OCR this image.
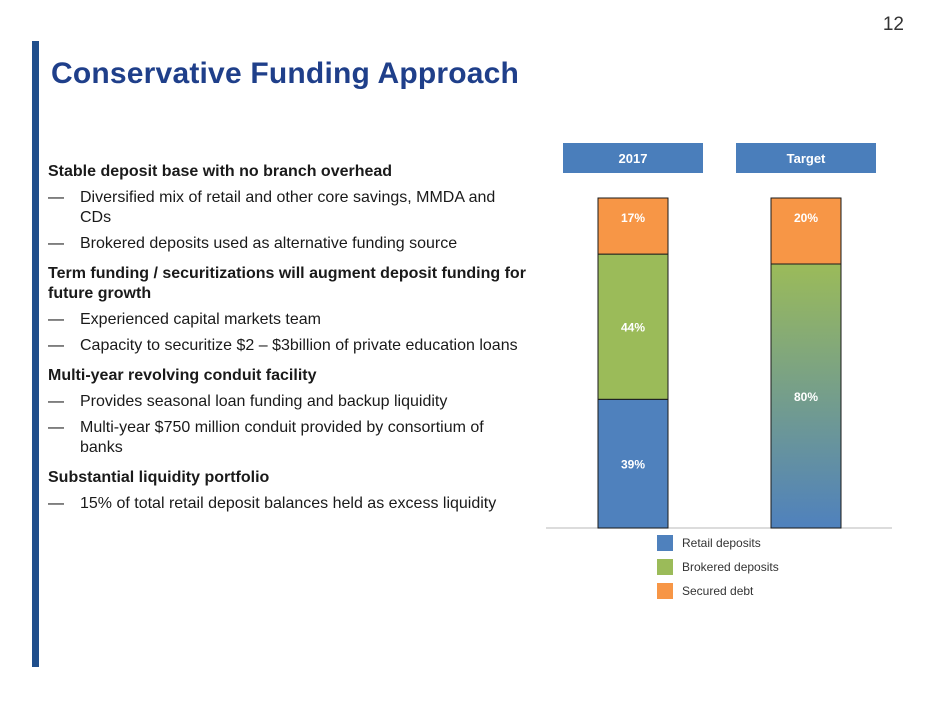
12
Conservative Funding Approach
Stable deposit base with no branch overhead
—	Diversified mix of retail and other core savings, MMDA and CDs
—	Brokered deposits used as alternative funding source
Term funding / securitizations will augment deposit funding for future growth
—	Experienced capital markets team
—	Capacity to securitize $2 – $3billion of private education loans
Multi-year revolving conduit facility
—	Provides seasonal loan funding and backup liquidity
—	Multi-year $750 million conduit provided by consortium of banks
Substantial liquidity portfolio
—	15% of total retail deposit balances held as excess liquidity
2017
39%
44%
17%
Target
80%
20%
Retail deposits
Brokered deposits
Secured debt
